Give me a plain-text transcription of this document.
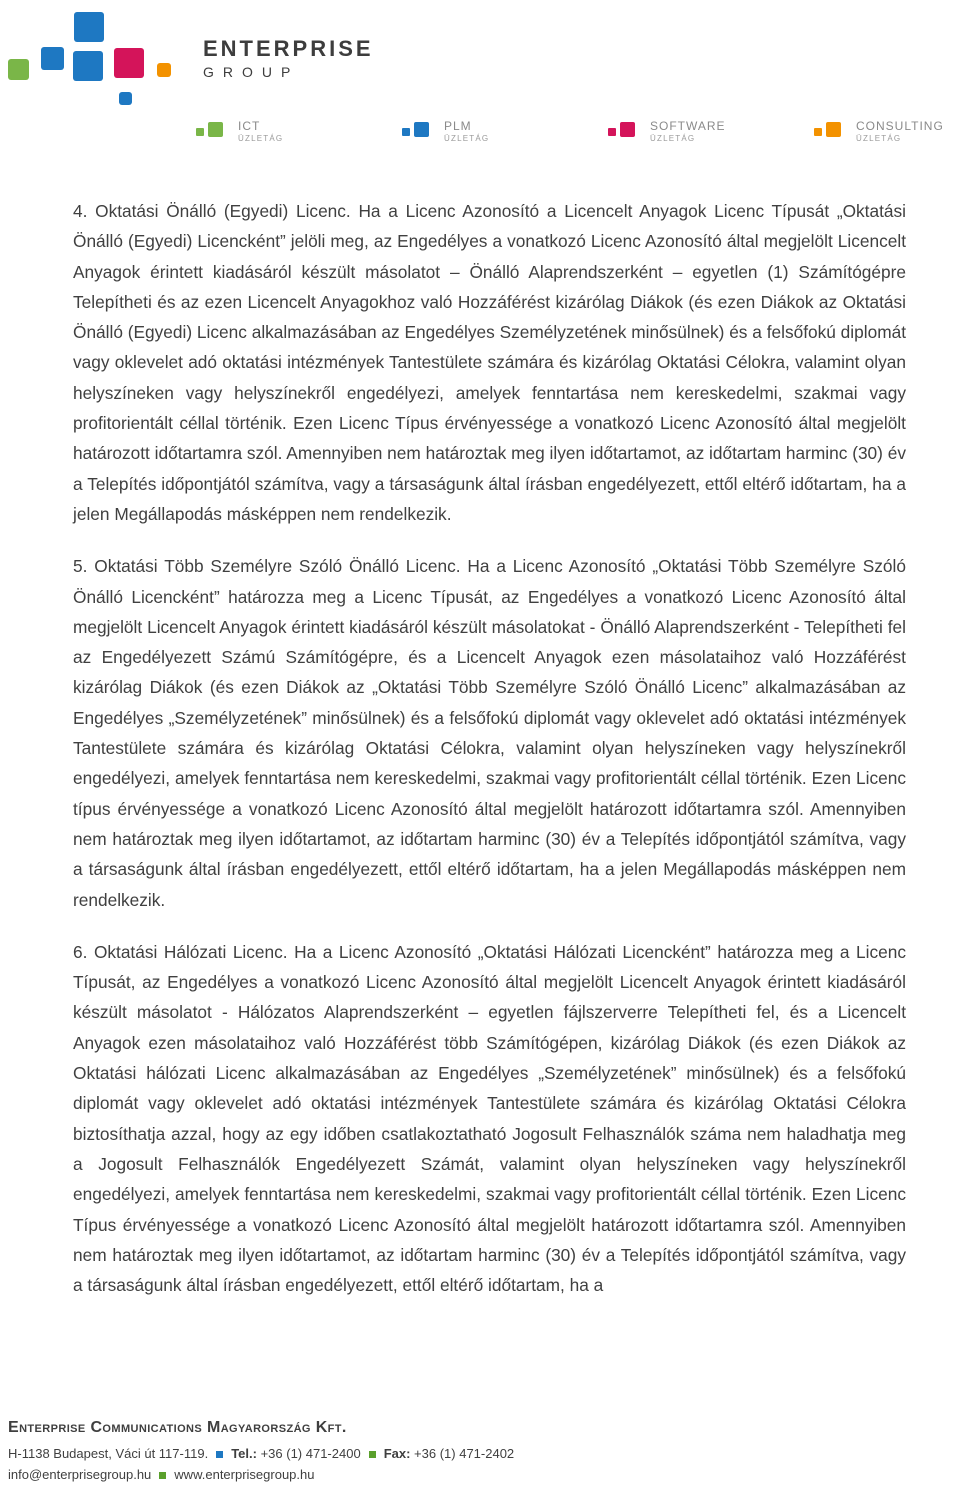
ENTERPRISE
GROUP
ICT
ÜZLETÁG
PLM
ÜZLETÁG
SOFTWARE
ÜZLETÁG
CONSULTING
ÜZLETÁG

4. Oktatási Önálló (Egyedi) Licenc. Ha a Licenc Azonosító a Licencelt Anyagok Licenc Típusát „Oktatási Önálló (Egyedi) Licencként” jelöli meg, az Engedélyes a vonatkozó Licenc Azonosító által megjelölt Licencelt Anyagok érintett kiadásáról készült másolatot – Önálló Alaprendszerként – egyetlen (1) Számítógépre Telepítheti és az ezen Licencelt Anyagokhoz való Hozzáférést kizárólag Diákok (és ezen Diákok az Oktatási Önálló (Egyedi) Licenc alkalmazásában az Engedélyes Személyzetének minősülnek) és a felsőfokú diplomát vagy oklevelet adó oktatási intézmények Tantestülete számára és kizárólag Oktatási Célokra, valamint olyan helyszíneken vagy helyszínekről engedélyezi, amelyek fenntartása nem kereskedelmi, szakmai vagy profitorientált céllal történik. Ezen Licenc Típus érvényessége a vonatkozó Licenc Azonosító által megjelölt határozott időtartamra szól. Amennyiben nem határoztak meg ilyen időtartamot, az időtartam harminc (30) év a Telepítés időpontjától számítva, vagy a társaságunk által írásban engedélyezett, ettől eltérő időtartam, ha a jelen Megállapodás másképpen nem rendelkezik.

5. Oktatási Több Személyre Szóló Önálló Licenc. Ha a Licenc Azonosító „Oktatási Több Személyre Szóló Önálló Licencként” határozza meg a Licenc Típusát, az Engedélyes a vonatkozó Licenc Azonosító által megjelölt Licencelt Anyagok érintett kiadásáról készült másolatokat - Önálló Alaprendszerként - Telepítheti fel az Engedélyezett Számú Számítógépre, és a Licencelt Anyagok ezen másolataihoz való Hozzáférést kizárólag Diákok (és ezen Diákok az „Oktatási Több Személyre Szóló Önálló Licenc” alkalmazásában az Engedélyes „Személyzetének” minősülnek) és a felsőfokú diplomát vagy oklevelet adó oktatási intézmények Tantestülete számára és kizárólag Oktatási Célokra, valamint olyan helyszíneken vagy helyszínekről engedélyezi, amelyek fenntartása nem kereskedelmi, szakmai vagy profitorientált céllal történik. Ezen Licenc típus érvényessége a vonatkozó Licenc Azonosító által megjelölt határozott időtartamra szól. Amennyiben nem határoztak meg ilyen időtartamot, az időtartam harminc (30) év a Telepítés időpontjától számítva, vagy a társaságunk által írásban engedélyezett, ettől eltérő időtartam, ha a jelen Megállapodás másképpen nem rendelkezik.

6. Oktatási Hálózati Licenc. Ha a Licenc Azonosító „Oktatási Hálózati Licencként” határozza meg a Licenc Típusát, az Engedélyes a vonatkozó Licenc Azonosító által megjelölt Licencelt Anyagok érintett kiadásáról készült másolatot - Hálózatos Alaprendszerként – egyetlen fájlszerverre Telepítheti fel, és a Licencelt Anyagok ezen másolataihoz való Hozzáférést több Számítógépen, kizárólag Diákok (és ezen Diákok az Oktatási hálózati Licenc alkalmazásában az Engedélyes „Személyzetének” minősülnek) és a felsőfokú diplomát vagy oklevelet adó oktatási intézmények Tantestülete számára és kizárólag Oktatási Célokra biztosíthatja azzal, hogy az egy időben csatlakoztatható Jogosult Felhasználók száma nem haladhatja meg a Jogosult Felhasználók Engedélyezett Számát, valamint olyan helyszíneken vagy helyszínekről engedélyezi, amelyek fenntartása nem kereskedelmi, szakmai vagy profitorientált céllal történik. Ezen Licenc Típus érvényessége a vonatkozó Licenc Azonosító által megjelölt határozott időtartamra szól. Amennyiben nem határoztak meg ilyen időtartamot, az időtartam harminc (30) év a Telepítés időpontjától számítva, vagy a társaságunk által írásban engedélyezett, ettől eltérő időtartam, ha a

Enterprise Communications Magyarország Kft.
H-1138 Budapest, Váci út 117-119. Tel.: +36 (1) 471-2400 Fax: +36 (1) 471-2402
info@enterprisegroup.hu www.enterprisegroup.hu
